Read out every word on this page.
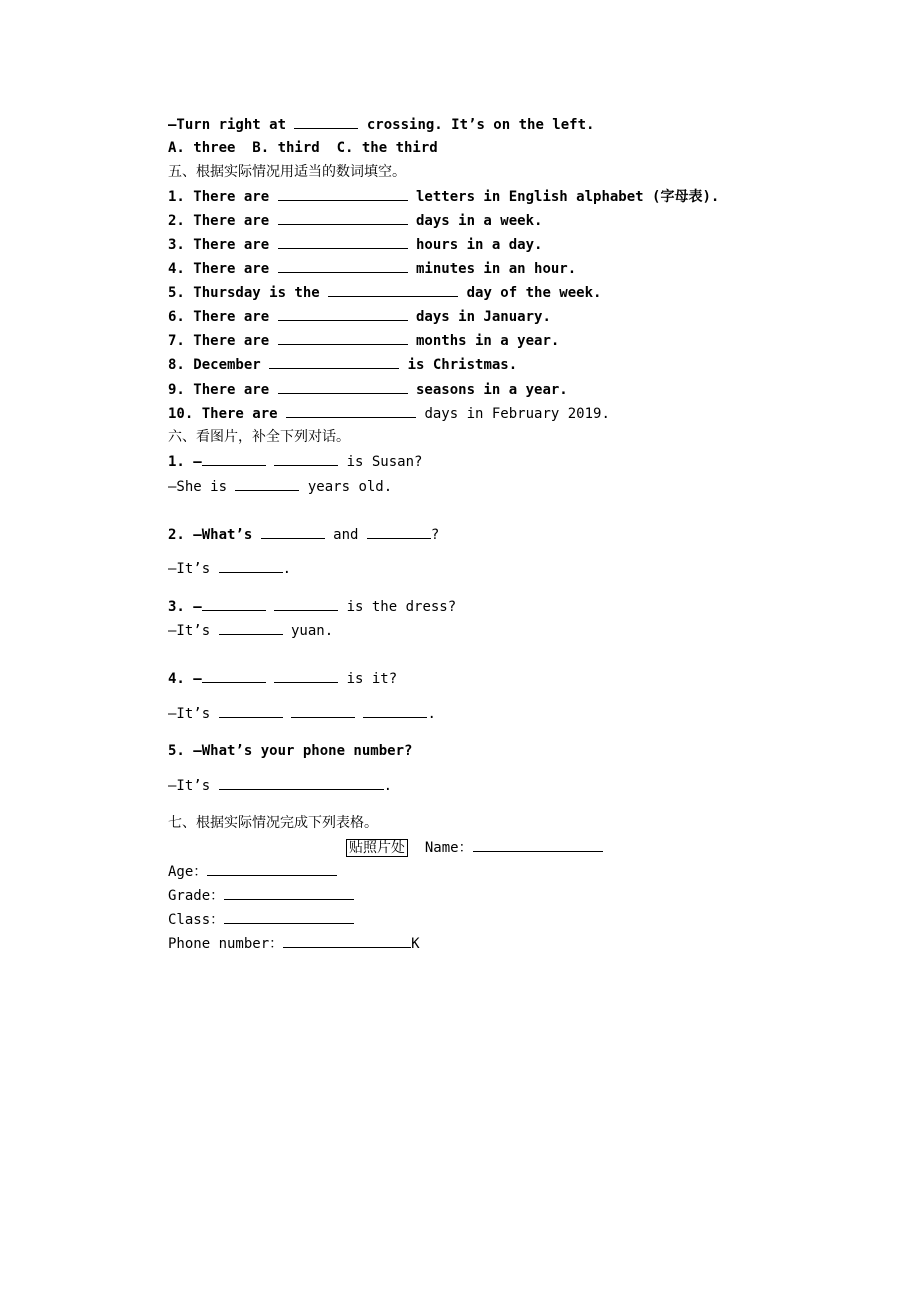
—Turn right at	crossing. It’s on the left.
A. three  B. third  C. the third
五、根据实际情况用适当的数词填空。
1. There are	letters in English alphabet (字母表).
2. There are	days in a week.
3. There are	hours in a day.
4. There are	minutes in an hour.
5. Thursday is the	day of the week.
6. There are	days in January.
7. There are	months in a year.
8. December	is Christmas.
9. There are	seasons in a year.
10. There are	days in February 2019.
六、看图片，补全下列对话。
1. —	is Susan?
—She is	years old.
2. —What’s	and	?
—It’s	.
3. —	is the dress?
—It’s	yuan.
4. —	is it?
—It’s	.
5. —What’s your phone number?
—It’s	.
七、根据实际情况完成下列表格。
贴照片处 Name：
Age：
Grade：
Class：
Phone number：	K
